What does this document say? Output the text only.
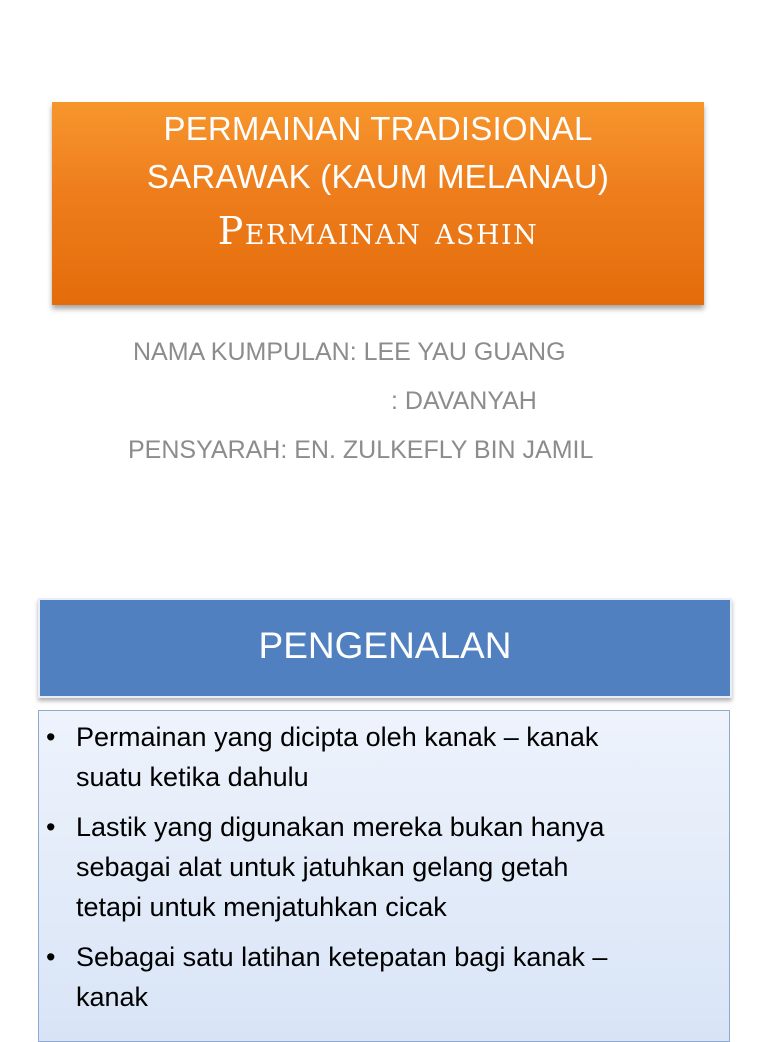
PERMAINAN TRADISIONAL
SARAWAK (KAUM MELANAU)
Permainan ashin
NAMA KUMPULAN: LEE YAU GUANG
: DAVANYAH
PENSYARAH: EN. ZULKEFLY BIN JAMIL
PENGENALAN
• Permainan yang dicipta oleh kanak – kanak
suatu ketika dahulu
• Lastik yang digunakan mereka bukan hanya
sebagai alat untuk jatuhkan gelang getah
tetapi untuk menjatuhkan cicak
• Sebagai satu latihan ketepatan bagi kanak –
kanak
